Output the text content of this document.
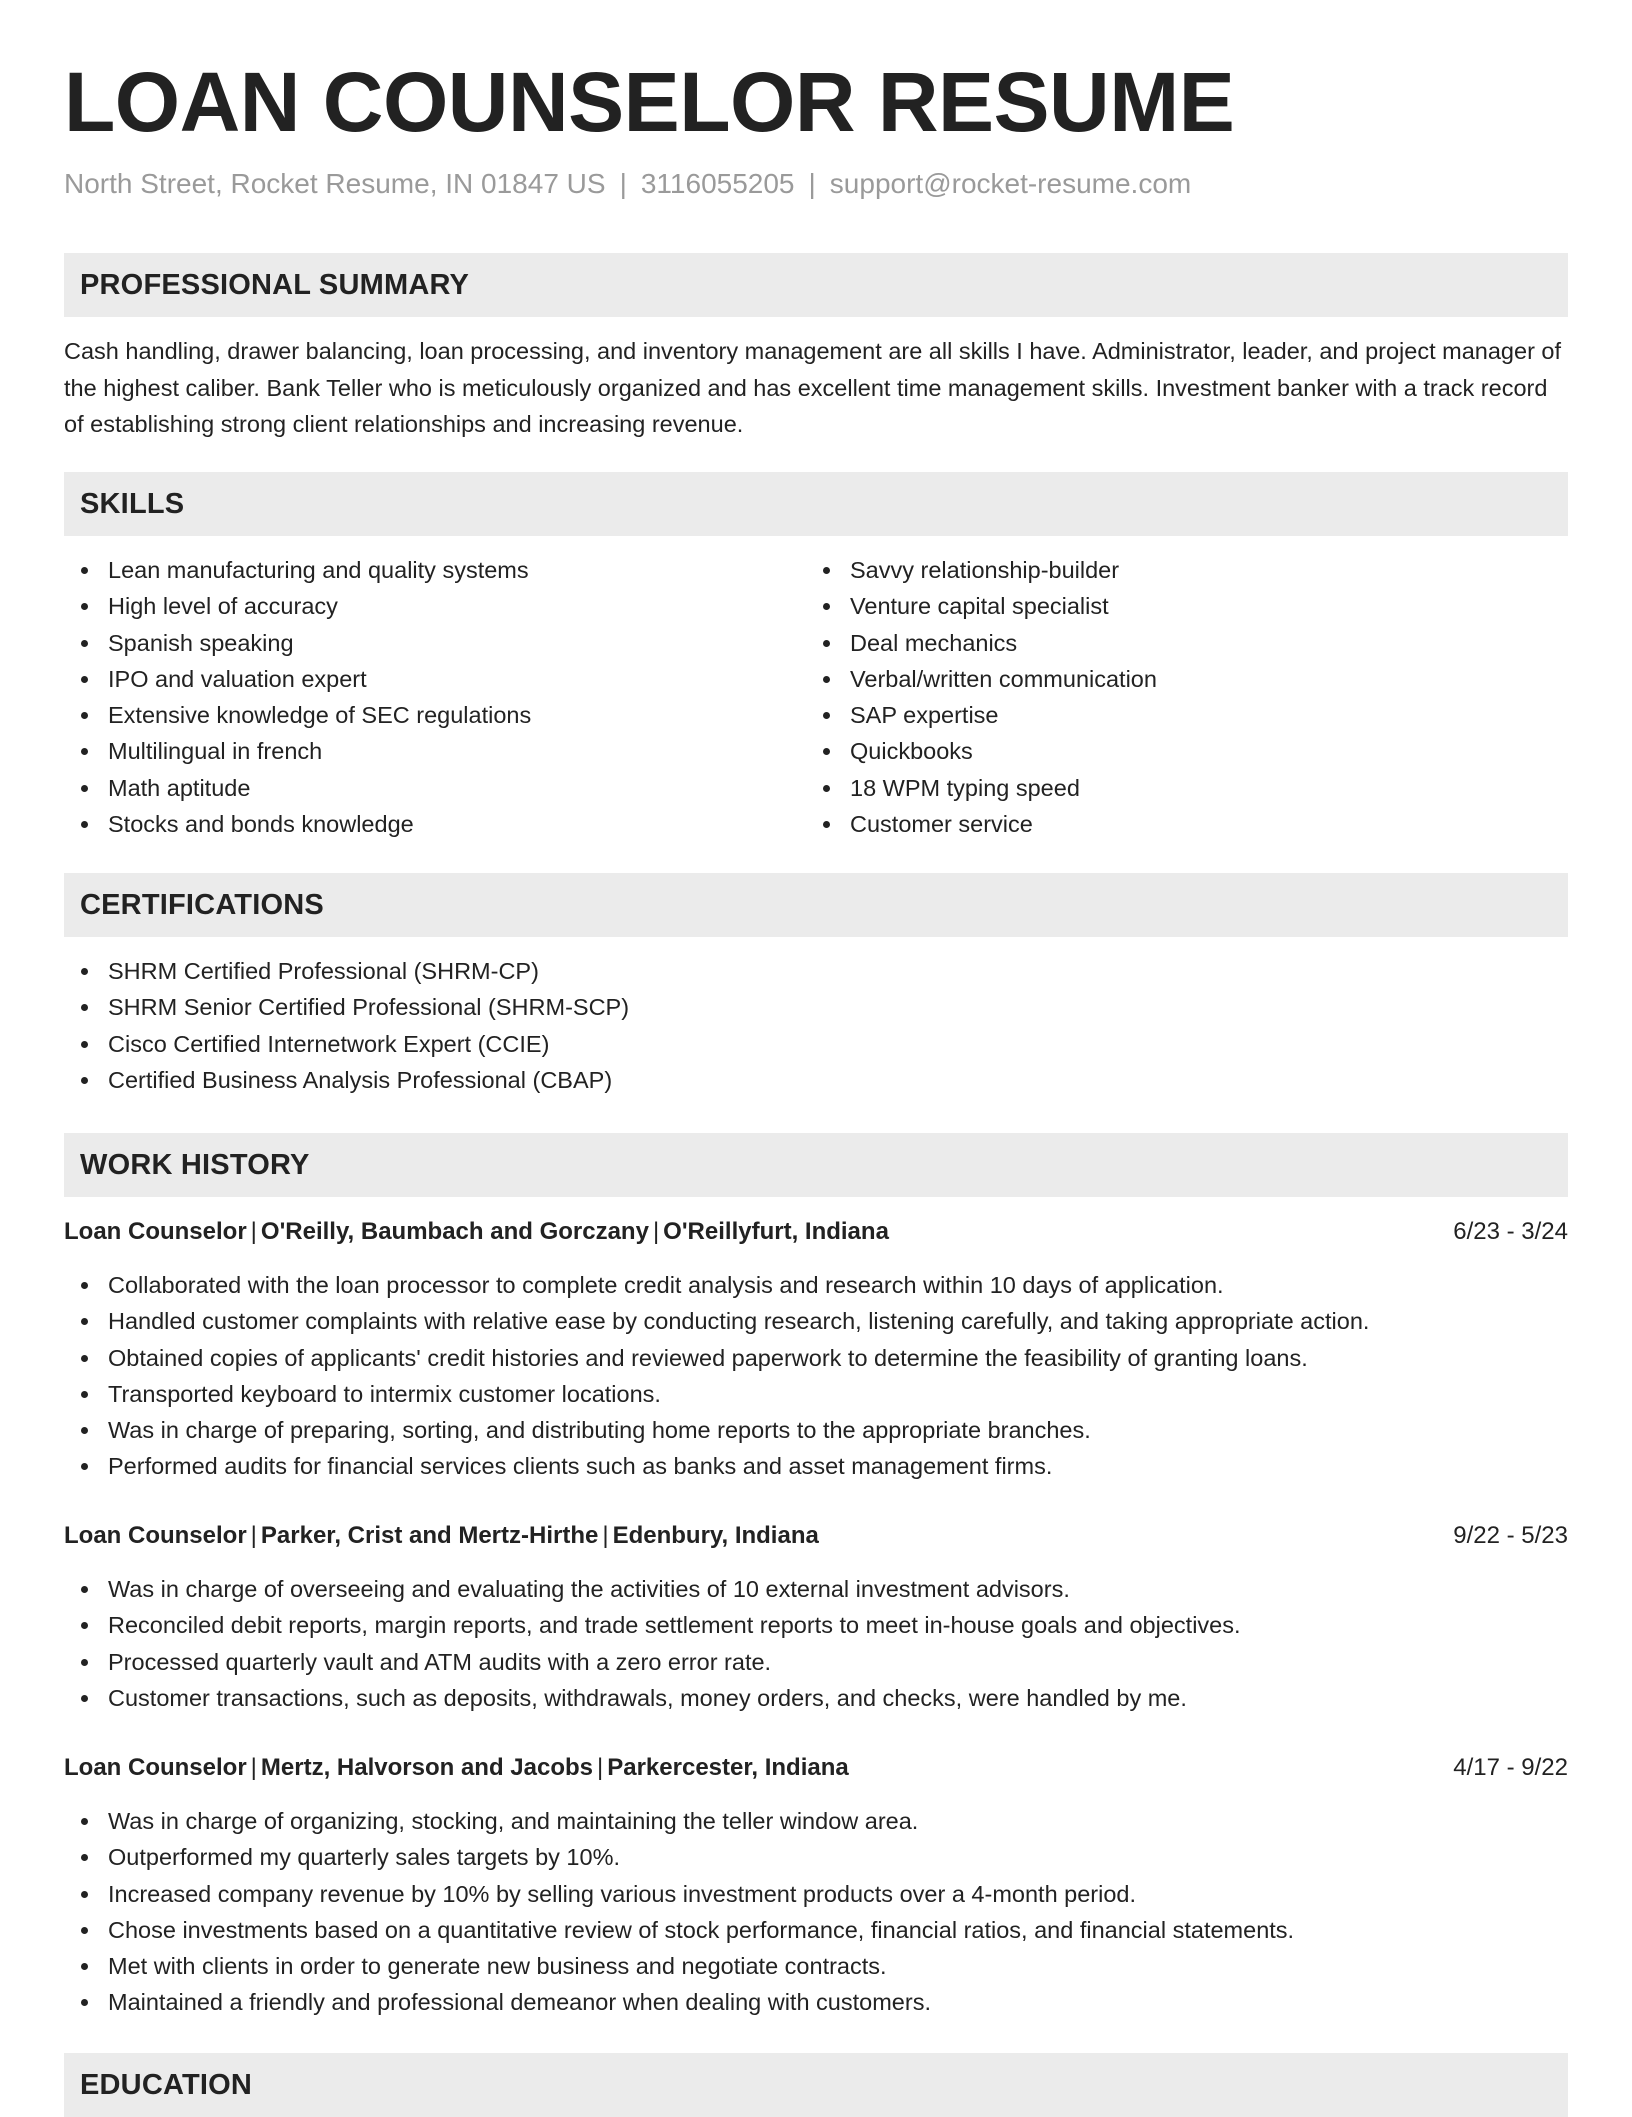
LOAN COUNSELOR RESUME
North Street, Rocket Resume, IN 01847 US | 3116055205 | support@rocket-resume.com
PROFESSIONAL SUMMARY
Cash handling, drawer balancing, loan processing, and inventory management are all skills I have. Administrator, leader, and project manager of the highest caliber. Bank Teller who is meticulously organized and has excellent time management skills. Investment banker with a track record of establishing strong client relationships and increasing revenue.
SKILLS
Lean manufacturing and quality systems
High level of accuracy
Spanish speaking
IPO and valuation expert
Extensive knowledge of SEC regulations
Multilingual in french
Math aptitude
Stocks and bonds knowledge
Savvy relationship-builder
Venture capital specialist
Deal mechanics
Verbal/written communication
SAP expertise
Quickbooks
18 WPM typing speed
Customer service
CERTIFICATIONS
SHRM Certified Professional (SHRM-CP)
SHRM Senior Certified Professional (SHRM-SCP)
Cisco Certified Internetwork Expert (CCIE)
Certified Business Analysis Professional (CBAP)
WORK HISTORY
Loan Counselor | O'Reilly, Baumbach and Gorczany | O'Reillyfurt, Indiana	6/23 - 3/24
Collaborated with the loan processor to complete credit analysis and research within 10 days of application.
Handled customer complaints with relative ease by conducting research, listening carefully, and taking appropriate action.
Obtained copies of applicants' credit histories and reviewed paperwork to determine the feasibility of granting loans.
Transported keyboard to intermix customer locations.
Was in charge of preparing, sorting, and distributing home reports to the appropriate branches.
Performed audits for financial services clients such as banks and asset management firms.
Loan Counselor | Parker, Crist and Mertz-Hirthe | Edenbury, Indiana	9/22 - 5/23
Was in charge of overseeing and evaluating the activities of 10 external investment advisors.
Reconciled debit reports, margin reports, and trade settlement reports to meet in-house goals and objectives.
Processed quarterly vault and ATM audits with a zero error rate.
Customer transactions, such as deposits, withdrawals, money orders, and checks, were handled by me.
Loan Counselor | Mertz, Halvorson and Jacobs | Parkercester, Indiana	4/17 - 9/22
Was in charge of organizing, stocking, and maintaining the teller window area.
Outperformed my quarterly sales targets by 10%.
Increased company revenue by 10% by selling various investment products over a 4-month period.
Chose investments based on a quantitative review of stock performance, financial ratios, and financial statements.
Met with clients in order to generate new business and negotiate contracts.
Maintained a friendly and professional demeanor when dealing with customers.
EDUCATION
